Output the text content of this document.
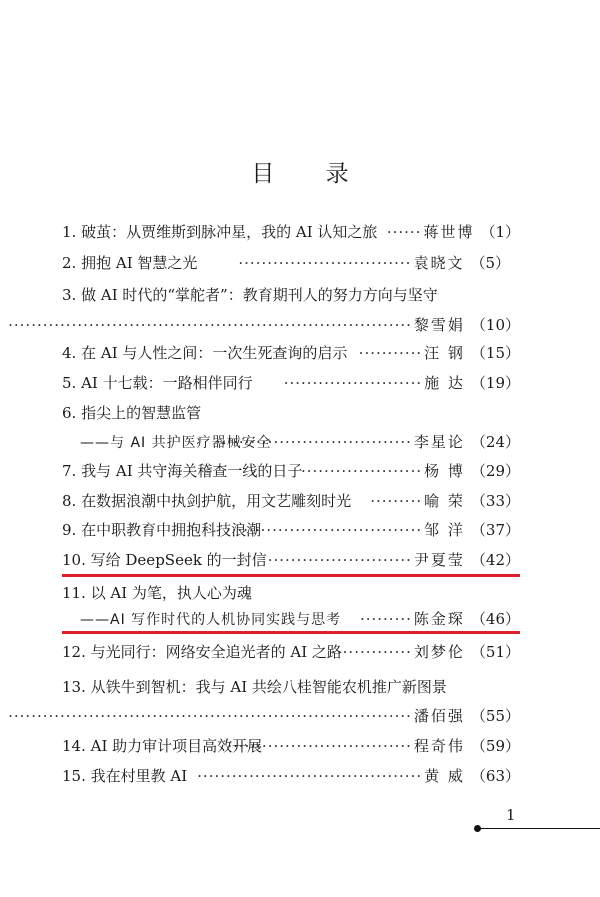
目 录
1. 破茧：从贾维斯到脉冲星，我的 AI 认知之旅 ······ 蒋世博 （1）
2. 拥抱 AI 智慧之光	······························ 袁晓文 （5）
3. 做 AI 时代的“掌舵者”：教育期刊人的努力方向与坚守
······································································ 黎雪娟 （10）
4. 在 AI 与人性之间：一次生死查询的启示 ··········· 汪 钢 （15）
5. AI 十七载：一路相伴同行 ························ 施 达 （19）
6. 指尖上的智慧监管
——与 AI 共护医疗器械安全
·································· 李星论 （24）
7. 我与 AI 共守海关稽查一线的日子
····················· 杨 博 （29）
8. 在数据浪潮中执剑护航，用文艺雕刻时光 ········· 喻 荣 （33）
9. 在中职教育中拥抱科技浪潮
·································· 邹 洋 （37）
10. 写给 DeepSeek 的一封信 ························· 尹夏莹 （42）
11. 以 AI 为笔，执人心为魂
——AI 写作时代的人机协同实践与思考 ········· 陈金琛 （46）
12. 与光同行：网络安全追光者的 AI 之路
·············· 刘梦伦 （51）
13. 从铁牛到智机：我与 AI 共绘八桂智能农机推广新图景
······································································ 潘佰强 （55）
14. AI 助力审计项目高效开展
································ 程奇伟 （59）
15. 我在村里教 AI ······································· 黄 威 （63）
1
